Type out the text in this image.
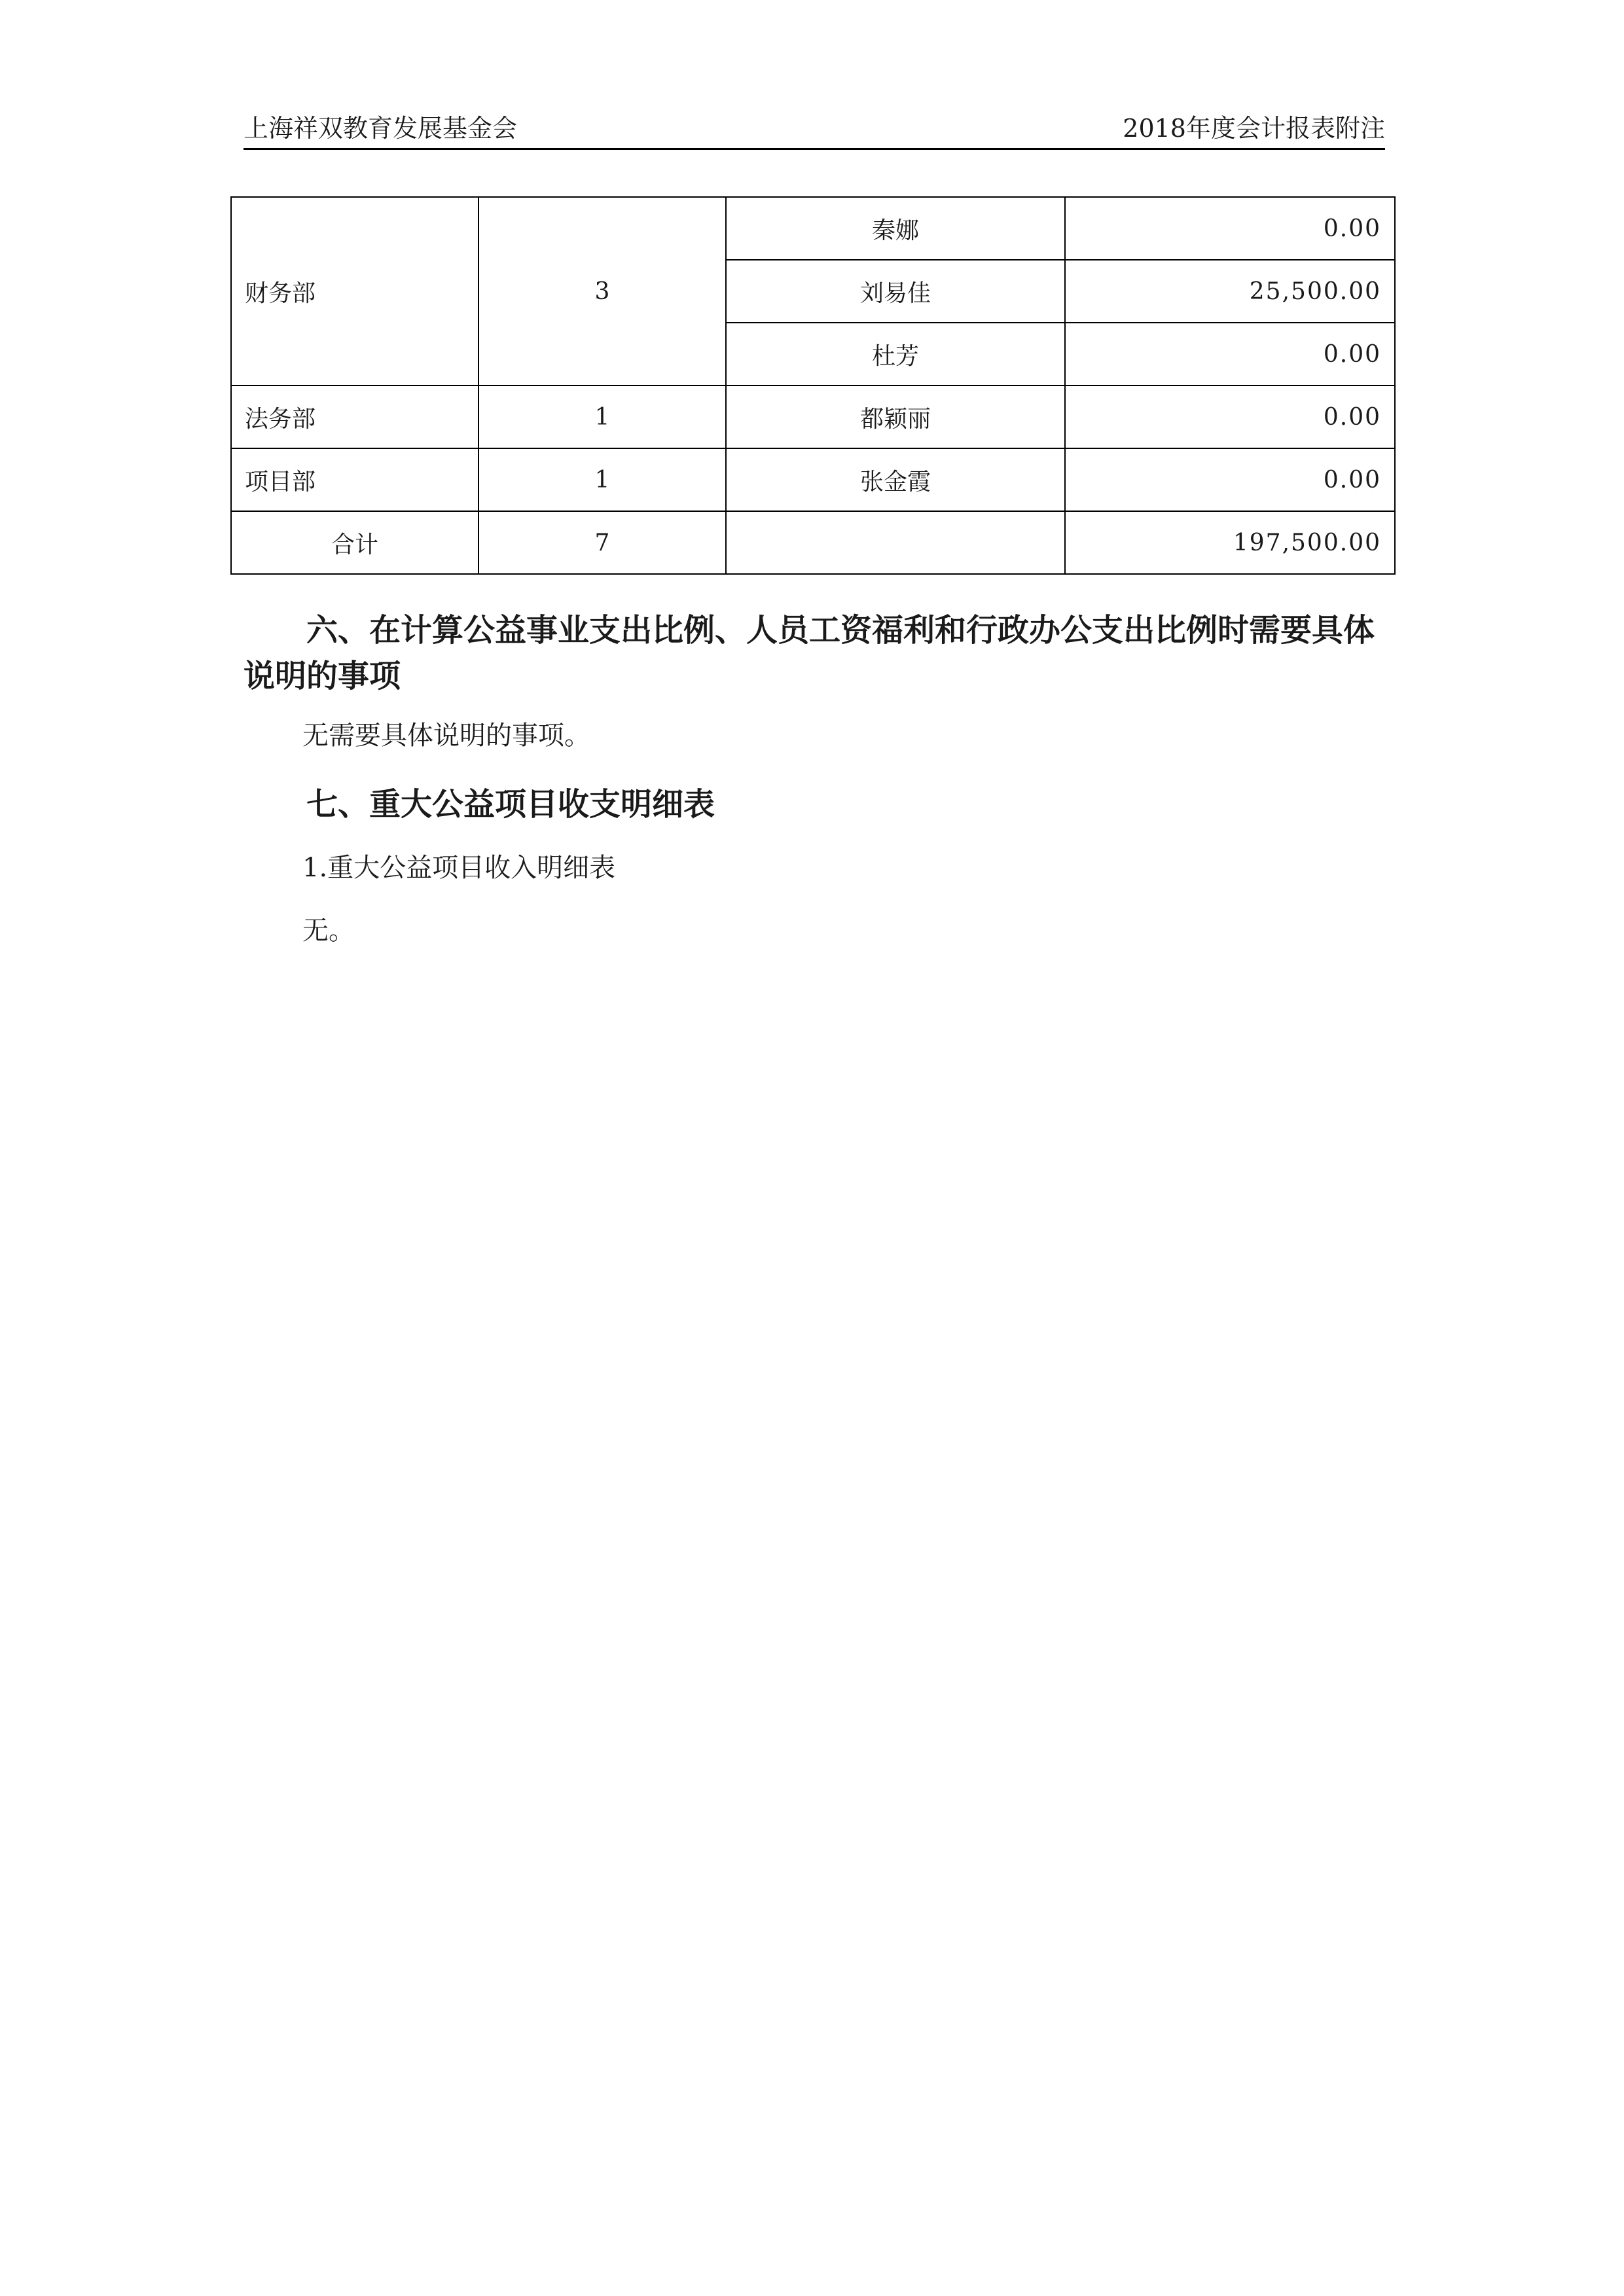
上海祥双教育发展基金会	2018年度会计报表附注
财务部	3	秦娜	0.00
		刘易佳	25,500.00
		杜芳	0.00
法务部	1	都颖丽	0.00
项目部	1	张金霞	0.00
合计	7		197,500.00
六、在计算公益事业支出比例、人员工资福利和行政办公支出比例时需要具体说明的事项
无需要具体说明的事项。
七、重大公益项目收支明细表
1.重大公益项目收入明细表
无。
